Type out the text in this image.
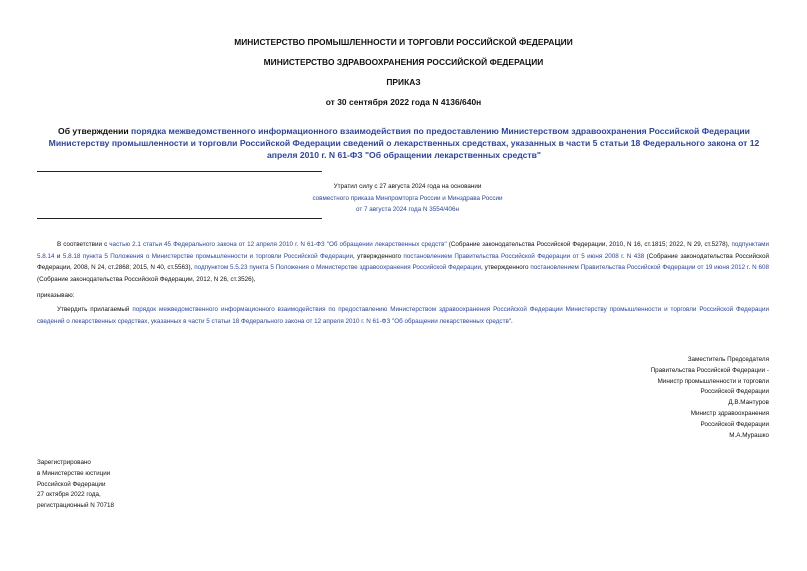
МИНИСТЕРСТВО ПРОМЫШЛЕННОСТИ И ТОРГОВЛИ РОССИЙСКОЙ ФЕДЕРАЦИИ
МИНИСТЕРСТВО ЗДРАВООХРАНЕНИЯ РОССИЙСКОЙ ФЕДЕРАЦИИ
ПРИКАЗ
от 30 сентября 2022 года N 4136/640н
Об утверждении порядка межведомственного информационного взаимодействия по предоставлению Министерством здравоохранения Российской Федерации Министерству промышленности и торговли Российской Федерации сведений о лекарственных средствах, указанных в части 5 статьи 18 Федерального закона от 12 апреля 2010 г. N 61-ФЗ "Об обращении лекарственных средств"
Утратил силу с 27 августа 2024 года на основании
совместного приказа Минпромторга России и Минздрава России
от 7 августа 2024 года N 3554/406н
В соответствии с частью 2.1 статьи 45 Федерального закона от 12 апреля 2010 г. N 61-ФЗ "Об обращении лекарственных средств" (Собрание законодательства Российской Федерации, 2010, N 16, ст.1815; 2022, N 29, ст.5278), подпунктами 5.8.14 и 5.8.18 пункта 5 Положения о Министерстве промышленности и торговли Российской Федерации, утвержденного постановлением Правительства Российской Федерации от 5 июня 2008 г. N 438 (Собрание законодательства Российской Федерации, 2008, N 24, ст.2868; 2015, N 40, ст.5563), подпунктом 5.5.23 пункта 5 Положения о Министерстве здравоохранения Российской Федерации, утвержденного постановлением Правительства Российской Федерации от 19 июня 2012 г. N 608 (Собрание законодательства Российской Федерации, 2012, N 26, ст.3526),
приказываю:
Утвердить прилагаемый порядок межведомственного информационного взаимодействия по предоставлению Министерством здравоохранения Российской Федерации Министерству промышленности и торговли Российской Федерации сведений о лекарственных средствах, указанных в части 5 статьи 18 Федерального закона от 12 апреля 2010 г. N 61-ФЗ "Об обращении лекарственных средств".
Заместитель Председателя
Правительства Российской Федерации -
Министр промышленности и торговли
Российской Федерации
Д.В.Мантуров
Министр здравоохранения
Российской Федерации
М.А.Мурашко
Зарегистрировано
в Министерстве юстиции
Российской Федерации
27 октября 2022 года,
регистрационный N 70718
